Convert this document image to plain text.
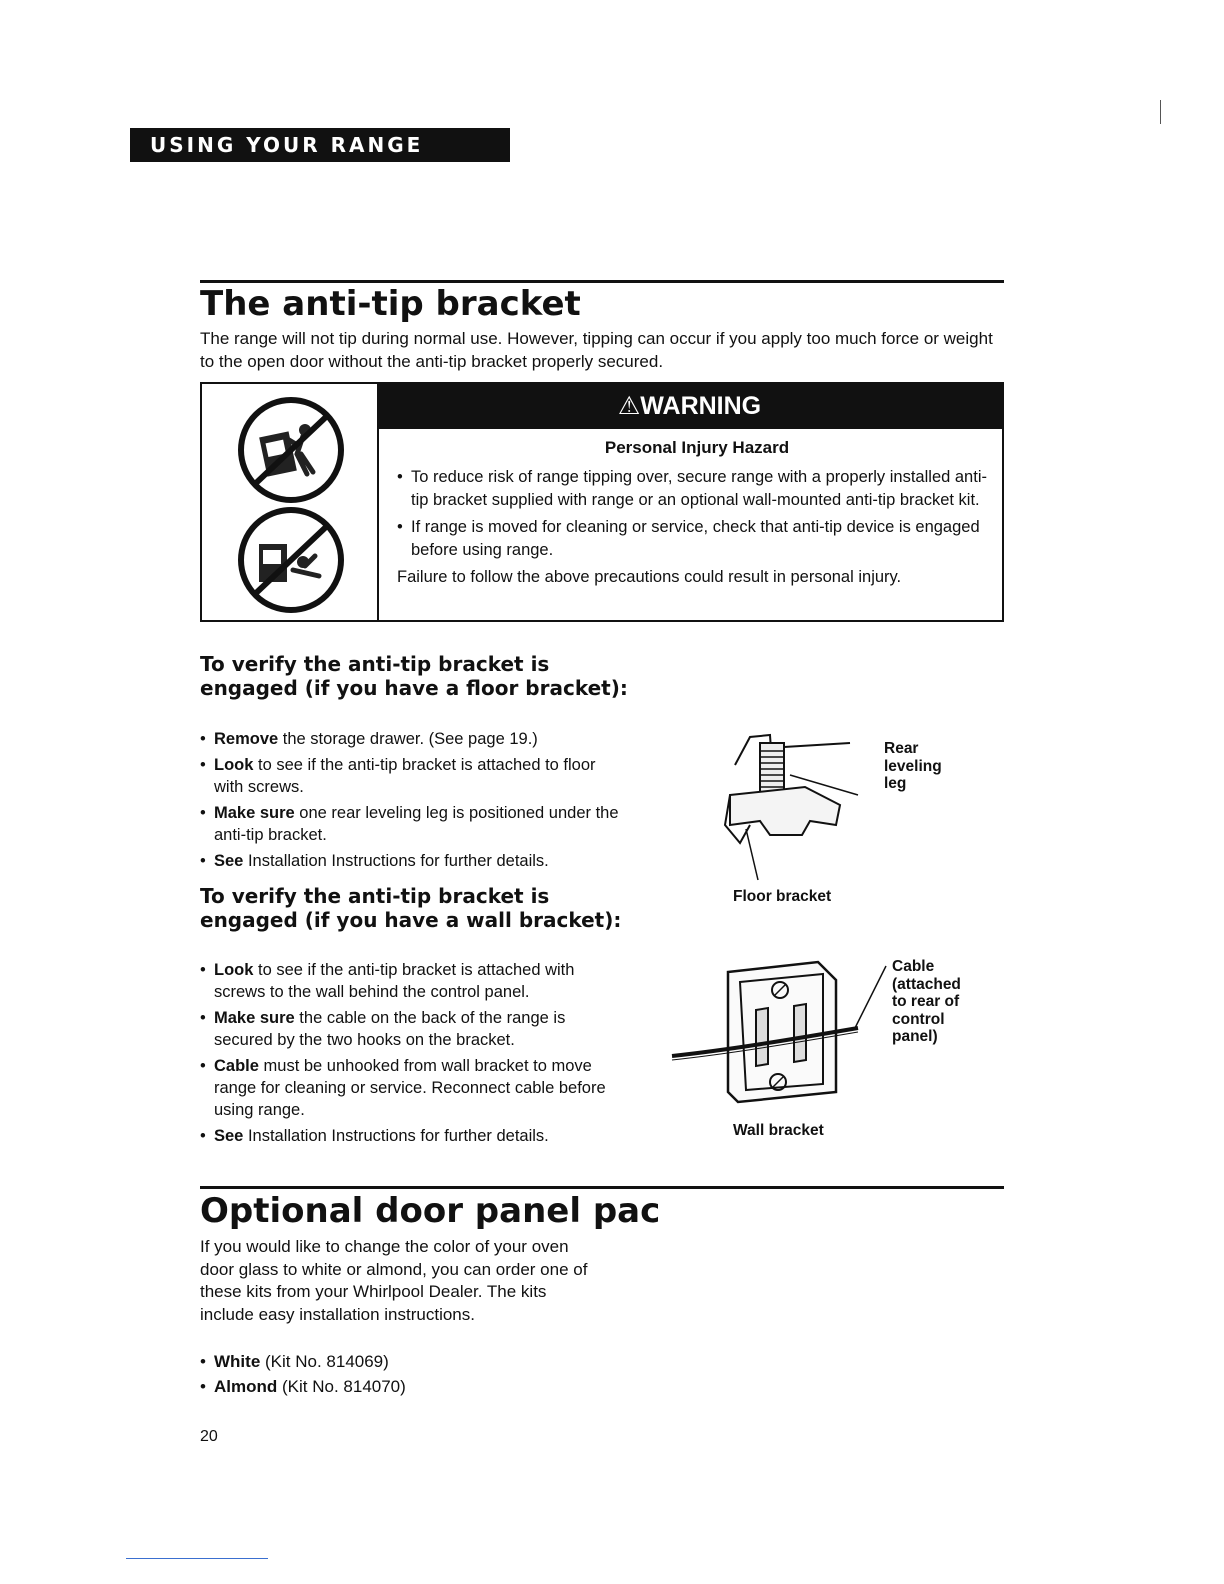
USING YOUR RANGE
The anti-tip bracket

The range will not tip during normal use. However, tipping can occur if you apply too much force or weight to the open door without the anti-tip bracket properly secured.

⚠WARNING

Personal Injury Hazard

• To reduce risk of range tipping over, secure range with a properly installed anti-tip bracket supplied with range or an optional wall-mounted anti-tip bracket kit.
• If range is moved for cleaning or service, check that anti-tip device is engaged before using range.

Failure to follow the above precautions could result in personal injury.

To verify the anti-tip bracket is engaged (if you have a floor bracket):
• Remove the storage drawer. (See page 19.)
• Look to see if the anti-tip bracket is attached to floor with screws.
• Make sure one rear leveling leg is positioned under the anti-tip bracket.
• See Installation Instructions for further details.
To verify the anti-tip bracket is engaged (if you have a wall bracket):
• Look to see if the anti-tip bracket is attached with screws to the wall behind the control panel.
• Make sure the cable on the back of the range is secured by the two hooks on the bracket.
• Cable must be unhooked from wall bracket to move range for cleaning or service. Reconnect cable before using range.
• See Installation Instructions for further details.
Rear
leveling
leg
Floor bracket
Cable
(attached
to rear of
control
panel)
Wall bracket
Optional door panel pac

If you would like to change the color of your oven door glass to white or almond, you can order one of these kits from your Whirlpool Dealer. The kits include easy installation instructions.

• White (Kit No. 814069)
• Almond (Kit No. 814070)
20
